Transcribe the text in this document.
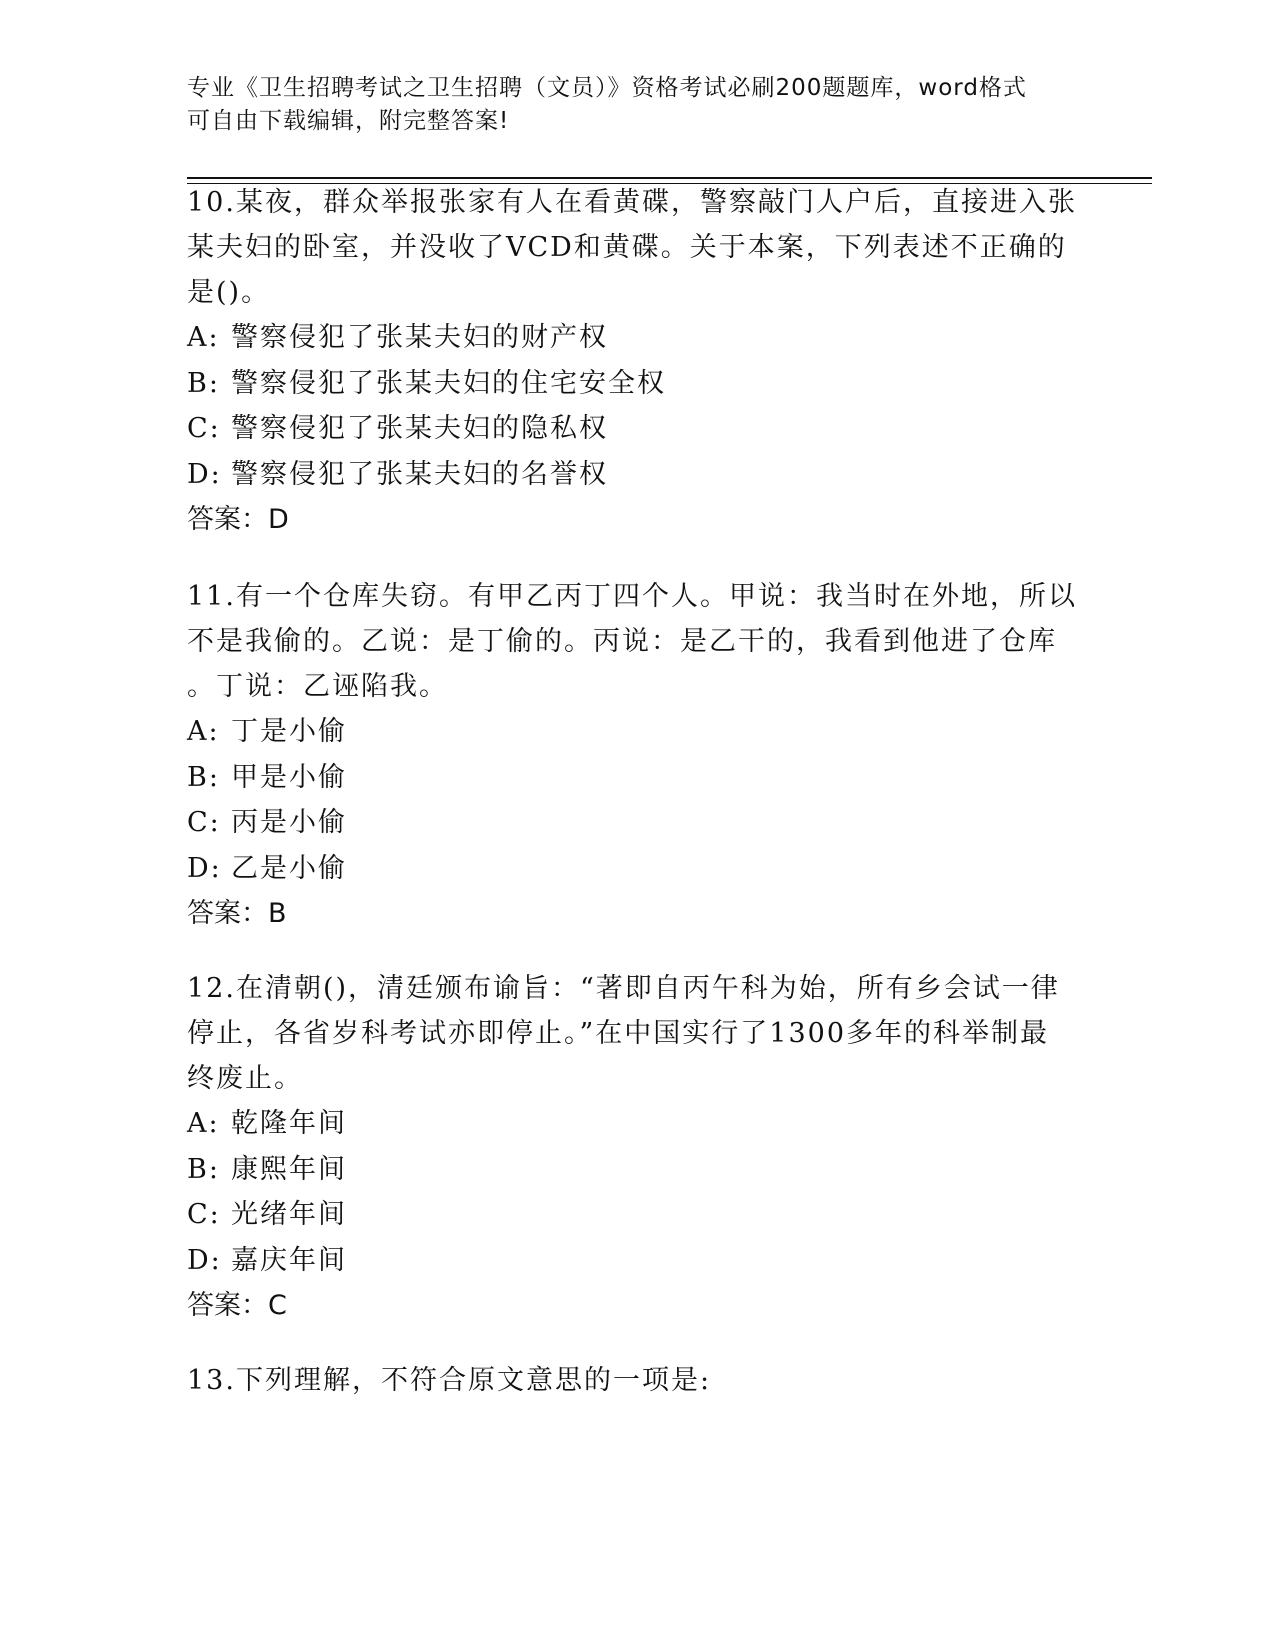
专业《卫生招聘考试之卫生招聘（文员）》资格考试必刷200题题库，word格式
可自由下载编辑，附完整答案!

10.某夜，群众举报张家有人在看黄碟，警察敲门人户后，直接进入张
某夫妇的卧室，并没收了VCD和黄碟。关于本案，下列表述不正确的
是()。

A: 警察侵犯了张某夫妇的财产权

B: 警察侵犯了张某夫妇的住宅安全权

C: 警察侵犯了张某夫妇的隐私权

D: 警察侵犯了张某夫妇的名誉权

答案：D

11.有一个仓库失窃。有甲乙丙丁四个人。甲说：我当时在外地，所以
不是我偷的。乙说：是丁偷的。丙说：是乙干的，我看到他进了仓库
。丁说：乙诬陷我。

A: 丁是小偷

B: 甲是小偷

C: 丙是小偷

D: 乙是小偷

答案：B

12.在清朝()，清廷颁布谕旨：“著即自丙午科为始，所有乡会试一律
停止，各省岁科考试亦即停止。”在中国实行了1300多年的科举制最
终废止。

A: 乾隆年间

B: 康熙年间

C: 光绪年间

D: 嘉庆年间

答案：C

13.下列理解，不符合原文意思的一项是:
